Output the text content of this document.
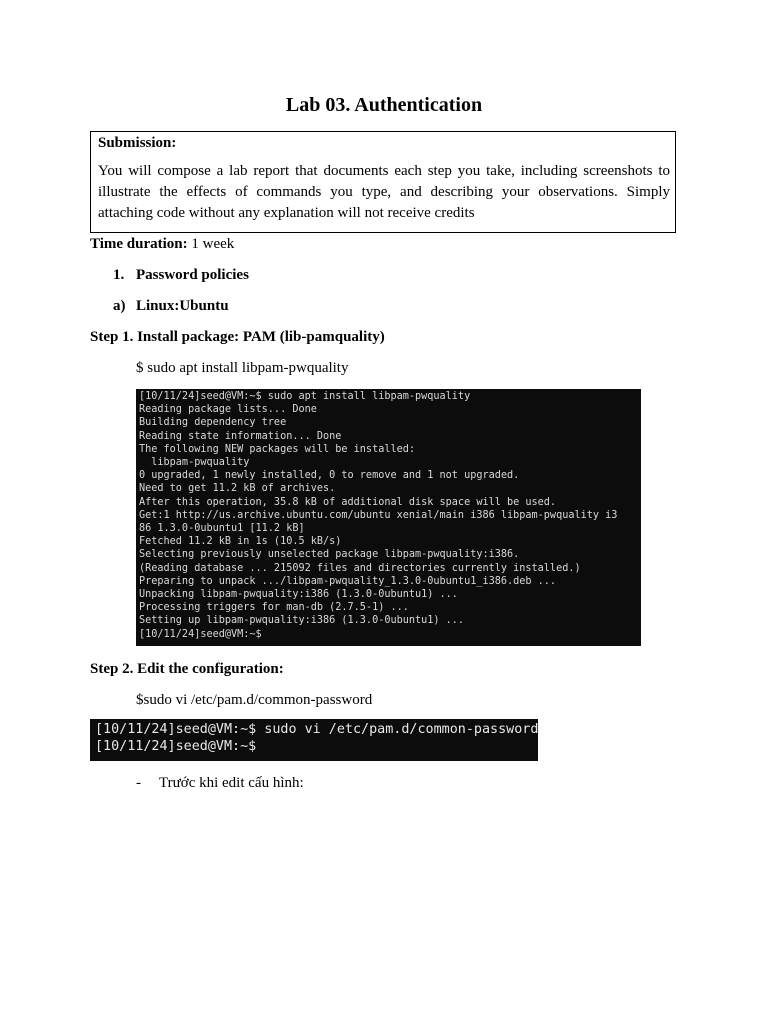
Lab 03. Authentication
Submission:
You will compose a lab report that documents each step you take, including screenshots to illustrate the effects of commands you type, and describing your observations. Simply attaching code without any explanation will not receive credits
Time duration: 1 week
1. Password policies
a) Linux:Ubuntu
Step 1. Install package: PAM (lib-pamquality)
$ sudo apt install libpam-pwquality
[10/11/24]seed@VM:~$ sudo apt install libpam-pwquality
Reading package lists... Done
Building dependency tree
Reading state information... Done
The following NEW packages will be installed:
libpam-pwquality
0 upgraded, 1 newly installed, 0 to remove and 1 not upgraded.
Need to get 11.2 kB of archives.
After this operation, 35.8 kB of additional disk space will be used.
Get:1 http://us.archive.ubuntu.com/ubuntu xenial/main i386 libpam-pwquality i3
86 1.3.0-0ubuntu1 [11.2 kB]
Fetched 11.2 kB in 1s (10.5 kB/s)
Selecting previously unselected package libpam-pwquality:i386.
(Reading database ... 215092 files and directories currently installed.)
Preparing to unpack .../libpam-pwquality_1.3.0-0ubuntu1_i386.deb ...
Unpacking libpam-pwquality:i386 (1.3.0-0ubuntu1) ...
Processing triggers for man-db (2.7.5-1) ...
Setting up libpam-pwquality:i386 (1.3.0-0ubuntu1) ...
[10/11/24]seed@VM:~$
Step 2. Edit the configuration:
$sudo vi /etc/pam.d/common-password
[10/11/24]seed@VM:~$ sudo vi /etc/pam.d/common-password
[10/11/24]seed@VM:~$
- Trước khi edit cấu hình:
